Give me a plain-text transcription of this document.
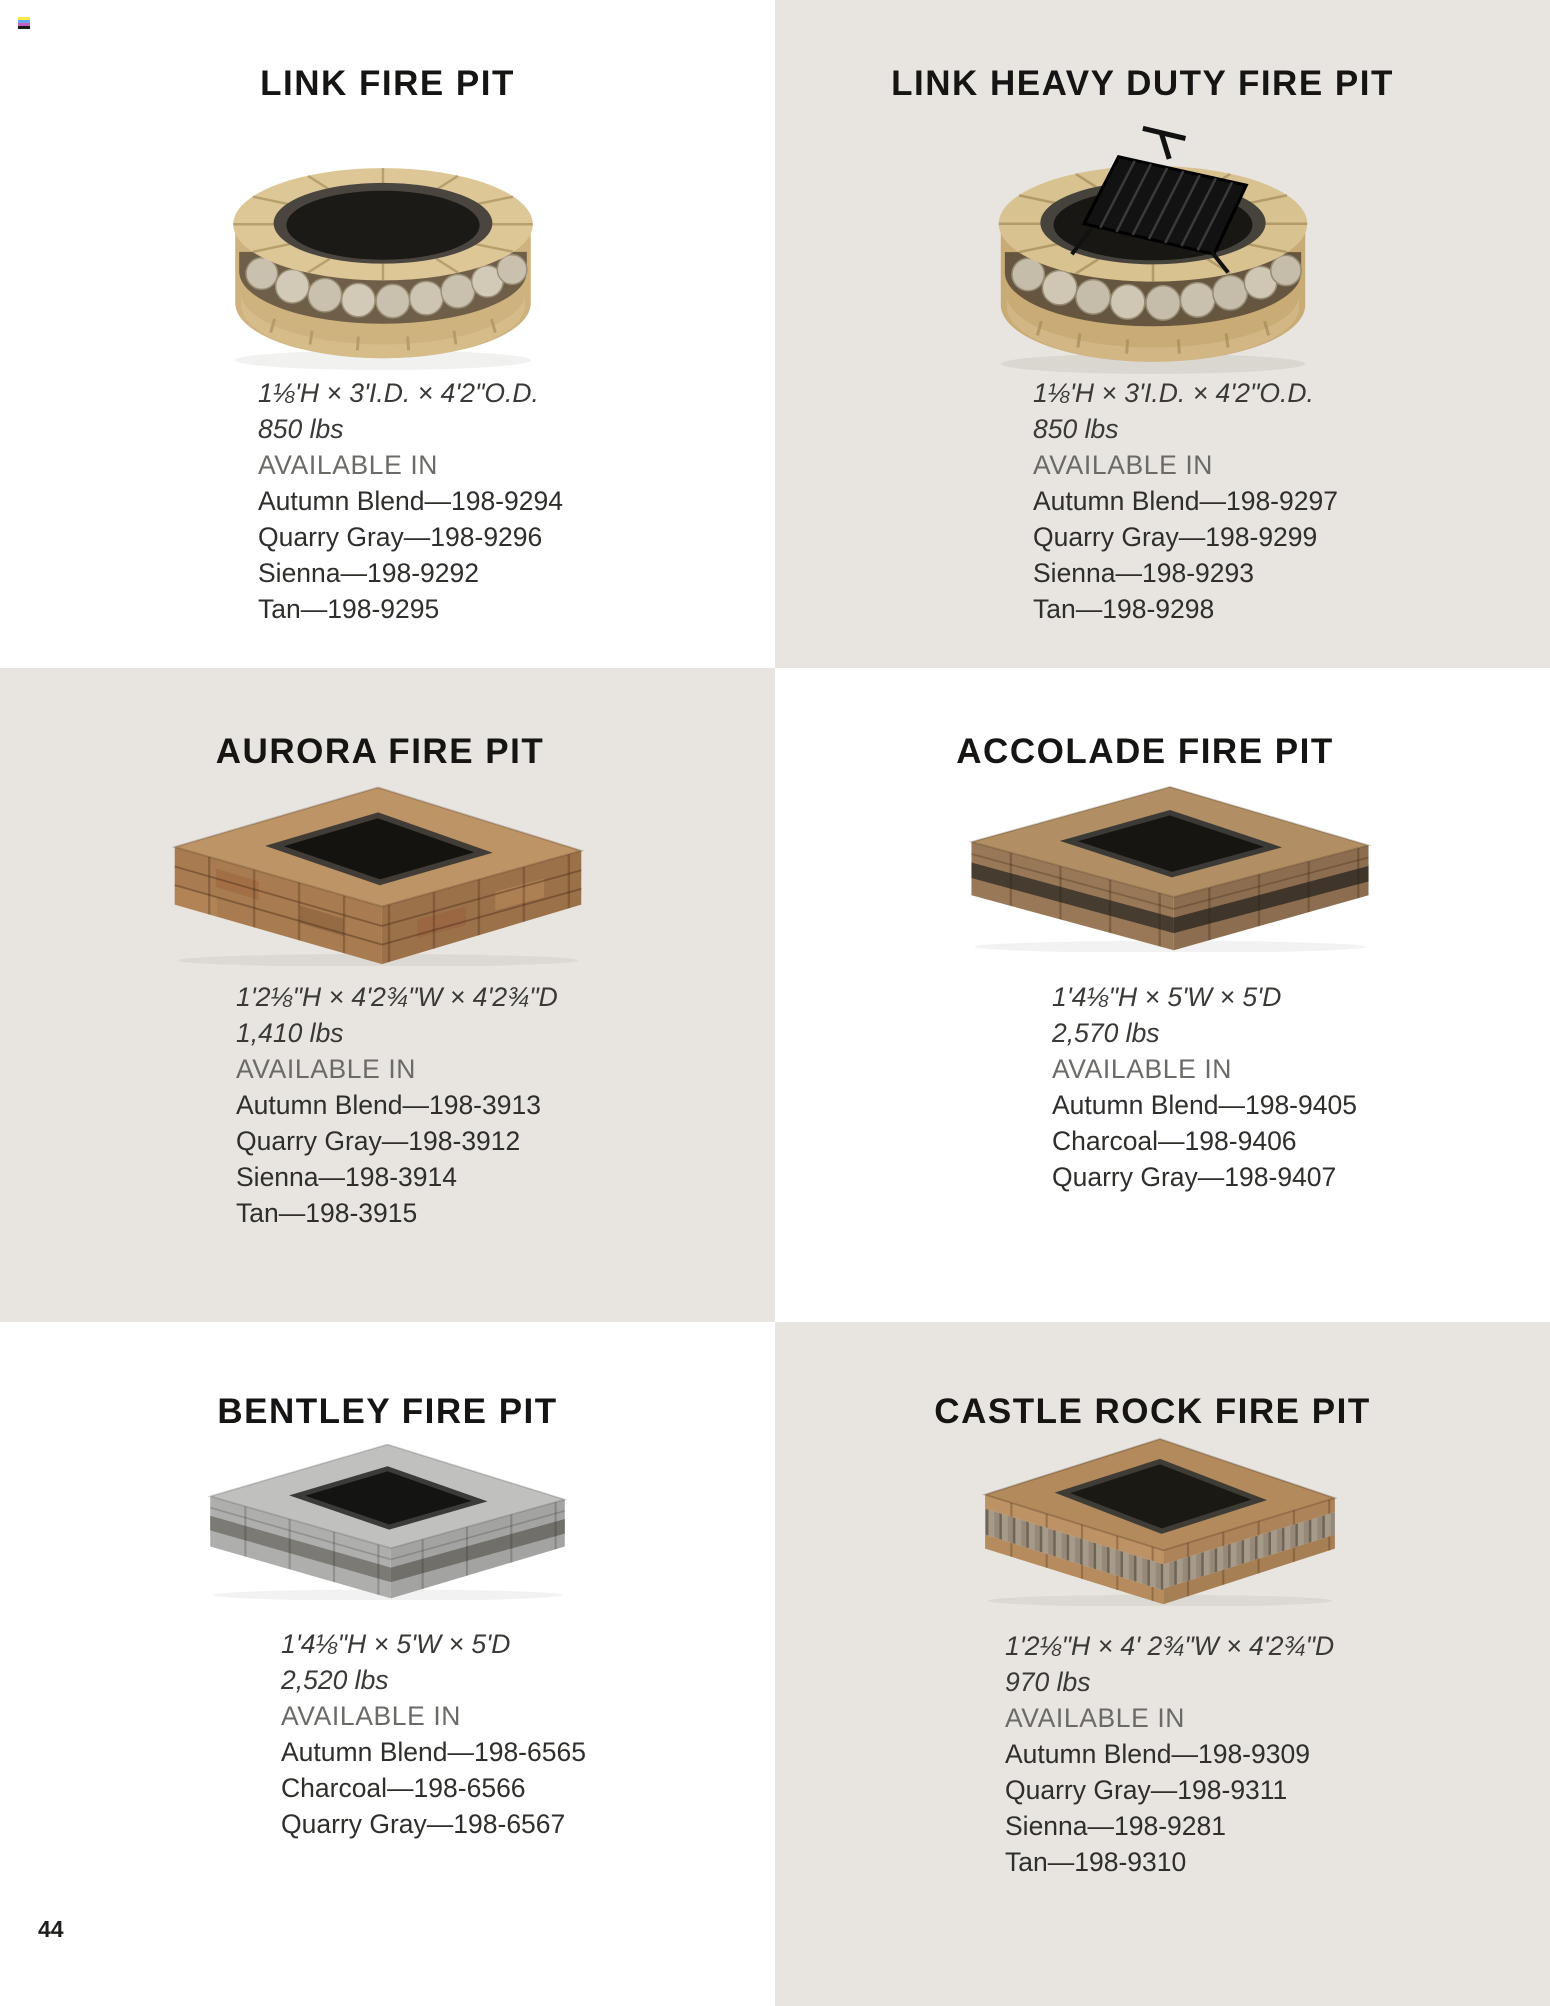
LINK FIRE PIT
1⅛'H × 3'I.D. × 4'2"O.D.
850 lbs
AVAILABLE IN
Autumn Blend—198-9294
Quarry Gray—198-9296
Sienna—198-9292
Tan—198-9295
LINK HEAVY DUTY FIRE PIT
1⅛'H × 3'I.D. × 4'2"O.D.
850 lbs
AVAILABLE IN
Autumn Blend—198-9297
Quarry Gray—198-9299
Sienna—198-9293
Tan—198-9298
AURORA FIRE PIT
1'2⅛"H × 4'2¾"W × 4'2¾"D
1,410 lbs
AVAILABLE IN
Autumn Blend—198-3913
Quarry Gray—198-3912
Sienna—198-3914
Tan—198-3915
ACCOLADE FIRE PIT
1'4⅛"H × 5'W × 5'D
2,570 lbs
AVAILABLE IN
Autumn Blend—198-9405
Charcoal—198-9406
Quarry Gray—198-9407
BENTLEY FIRE PIT
1'4⅛"H × 5'W × 5'D
2,520 lbs
AVAILABLE IN
Autumn Blend—198-6565
Charcoal—198-6566
Quarry Gray—198-6567
CASTLE ROCK FIRE PIT
1'2⅛"H × 4' 2¾"W × 4'2¾"D
970 lbs
AVAILABLE IN
Autumn Blend—198-9309
Quarry Gray—198-9311
Sienna—198-9281
Tan—198-9310
44
